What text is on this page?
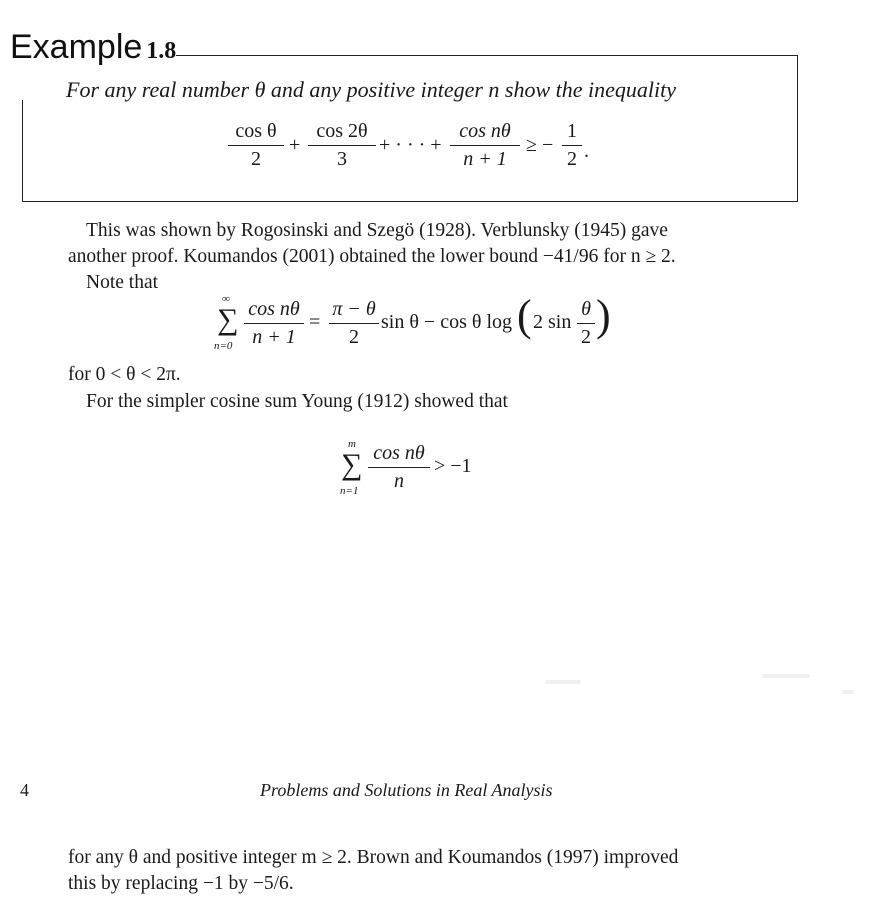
Example 1.8
For any real number θ and any positive integer n show the inequality
$\frac{\text{cos θ}}{2} + \frac{\cos 2\theta}{3}$ + · · · + $\frac{\text{cos nθ}}{n + 1}$ ≥ − $\frac{1}{2}$ .
This was shown by Rogosinski and Szegö (1928). Verblunsky (1945) gave
another proof. Koumandos (2001) obtained the lower bound −41/96 for n ≥ 2.
Note that
∞
∑
$n=0 \frac{\text{cos nθ}}{n + 1} = \frac{\pi - \theta}{2}$ sin θ − cos θ log ( 2 $\sin \frac{\theta}{2}$ )
for 0 < θ < 2π.
For the simpler cosine sum Young (1912) showed that
m
∑
$n=1 \frac{\text{cos nθ}}{n} > -1$
4	Problems and Solutions in Real Analysis
for any θ and positive integer m ≥ 2. Brown and Koumandos (1997) improved
this by replacing −1 by −5/6.
